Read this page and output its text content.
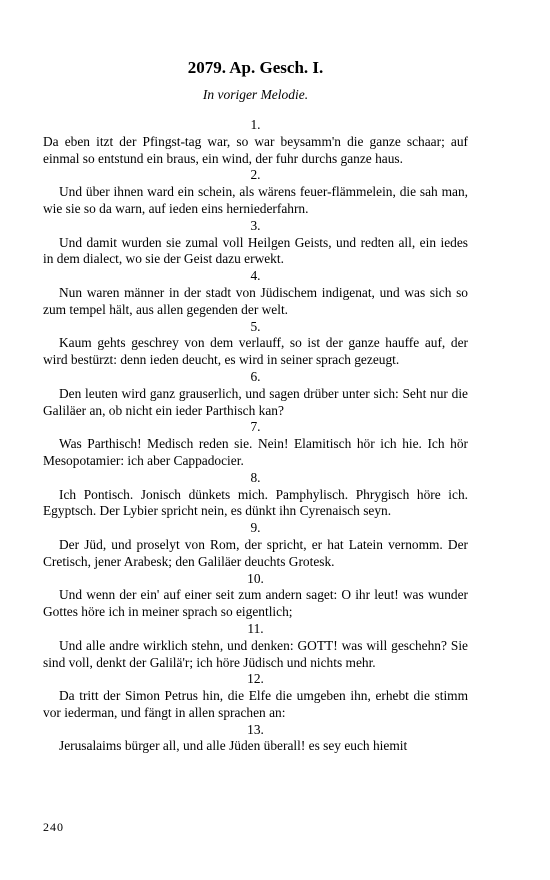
2079. Ap. Gesch. I.
In voriger Melodie.
1.
Da eben itzt der Pfingst-tag war, so war beysamm'n die ganze schaar; auf einmal so entstund ein braus, ein wind, der fuhr durchs ganze haus.
2.
Und über ihnen ward ein schein, als wärens feuer-flämmelein, die sah man, wie sie so da warn, auf ieden eins herniederfahrn.
3.
Und damit wurden sie zumal voll Heilgen Geists, und redten all, ein iedes in dem dialect, wo sie der Geist dazu erwekt.
4.
Nun waren männer in der stadt von Jüdischem indigenat, und was sich so zum tempel hält, aus allen gegenden der welt.
5.
Kaum gehts geschrey von dem verlauff, so ist der ganze hauffe auf, der wird bestürzt: denn ieden deucht, es wird in seiner sprach gezeugt.
6.
Den leuten wird ganz grauserlich, und sagen drüber unter sich: Seht nur die Galiläer an, ob nicht ein ieder Parthisch kan?
7.
Was Parthisch! Medisch reden sie. Nein! Elamitisch hör ich hie. Ich hör Mesopotamier: ich aber Cappadocier.
8.
Ich Pontisch. Jonisch dünkets mich. Pamphylisch. Phrygisch höre ich. Egyptsch. Der Lybier spricht nein, es dünkt ihn Cyrenaisch seyn.
9.
Der Jüd, und proselyt von Rom, der spricht, er hat Latein vernomm. Der Cretisch, jener Arabesk; den Galiläer deuchts Grotesk.
10.
Und wenn der ein' auf einer seit zum andern saget: O ihr leut! was wunder Gottes höre ich in meiner sprach so eigentlich;
11.
Und alle andre wirklich stehn, und denken: GOTT! was will geschehn? Sie sind voll, denkt der Galilä'r; ich höre Jüdisch und nichts mehr.
12.
Da tritt der Simon Petrus hin, die Elfe die umgeben ihn, erhebt die stimm vor iederman, und fängt in allen sprachen an:
13.
Jerusalaims bürger all, und alle Jüden überall! es sey euch hiemit
240
